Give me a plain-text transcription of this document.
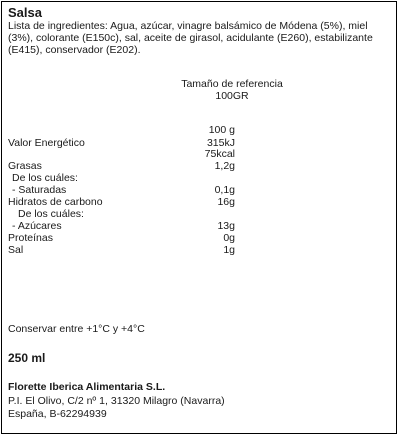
Salsa
Lista de ingredientes: Agua, azúcar, vinagre balsámico de Módena (5%), miel (3%), colorante (E150c), sal, aceite de girasol, acidulante (E260), estabilizante (E415), conservador (E202).
Tamaño de referencia
100GR
100 g
Valor Energético	315kJ
75kcal
Grasas	1,2g
De los cuáles:
- Saturadas	0,1g
Hidratos de carbono	16g
De los cuáles:
- Azúcares	13g
Proteínas	0g
Sal	1g
Conservar entre +1°C y +4°C
250 ml
Florette Iberica Alimentaria S.L.
P.I. El Olivo, C/2 nº 1, 31320 Milagro (Navarra)
España, B-62294939
